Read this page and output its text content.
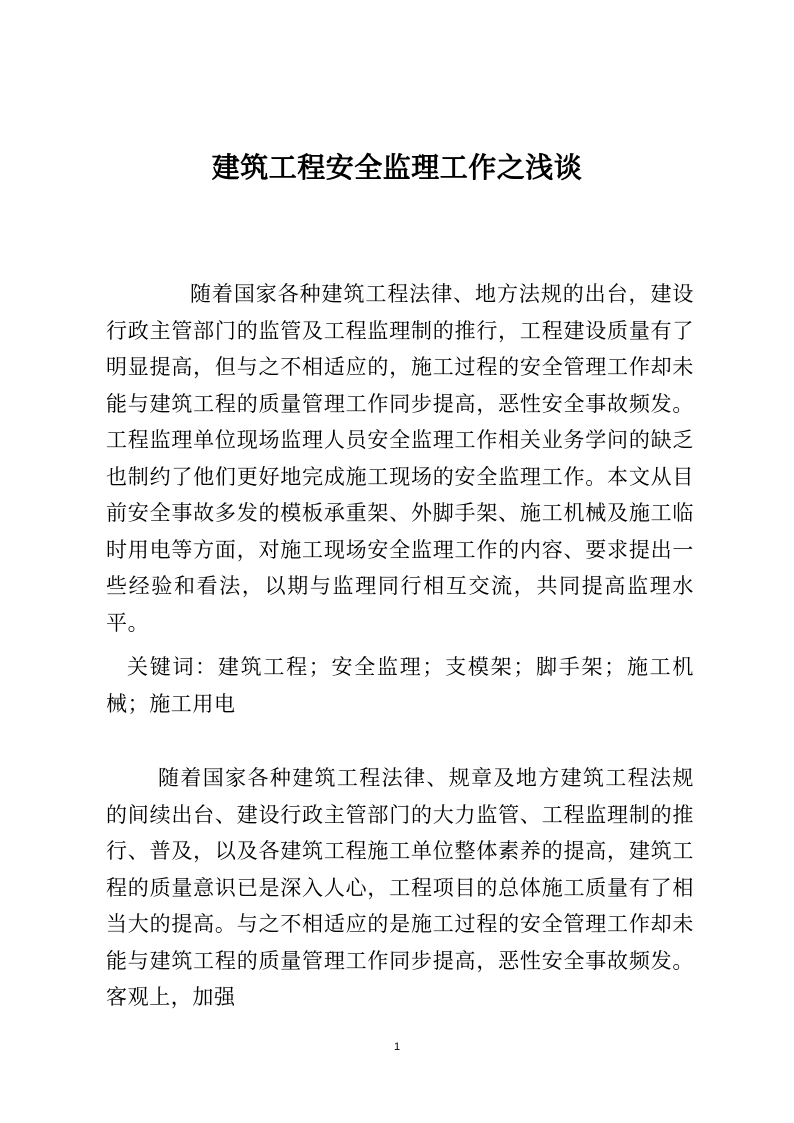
建筑工程安全监理工作之浅谈

随着国家各种建筑工程法律、地方法规的出台，建设行政主管部门的监管及工程监理制的推行，工程建设质量有了明显提高，但与之不相适应的，施工过程的安全管理工作却未能与建筑工程的质量管理工作同步提高，恶性安全事故频发。工程监理单位现场监理人员安全监理工作相关业务学问的缺乏也制约了他们更好地完成施工现场的安全监理工作。本文从目前安全事故多发的模板承重架、外脚手架、施工机械及施工临时用电等方面，对施工现场安全监理工作的内容、要求提出一些经验和看法，以期与监理同行相互交流，共同提高监理水平。

关键词：建筑工程；安全监理；支模架；脚手架；施工机械；施工用电

随着国家各种建筑工程法律、规章及地方建筑工程法规的间续出台、建设行政主管部门的大力监管、工程监理制的推行、普及，以及各建筑工程施工单位整体素养的提高，建筑工程的质量意识已是深入人心，工程项目的总体施工质量有了相当大的提高。与之不相适应的是施工过程的安全管理工作却未能与建筑工程的质量管理工作同步提高，恶性安全事故频发。客观上，加强

1
